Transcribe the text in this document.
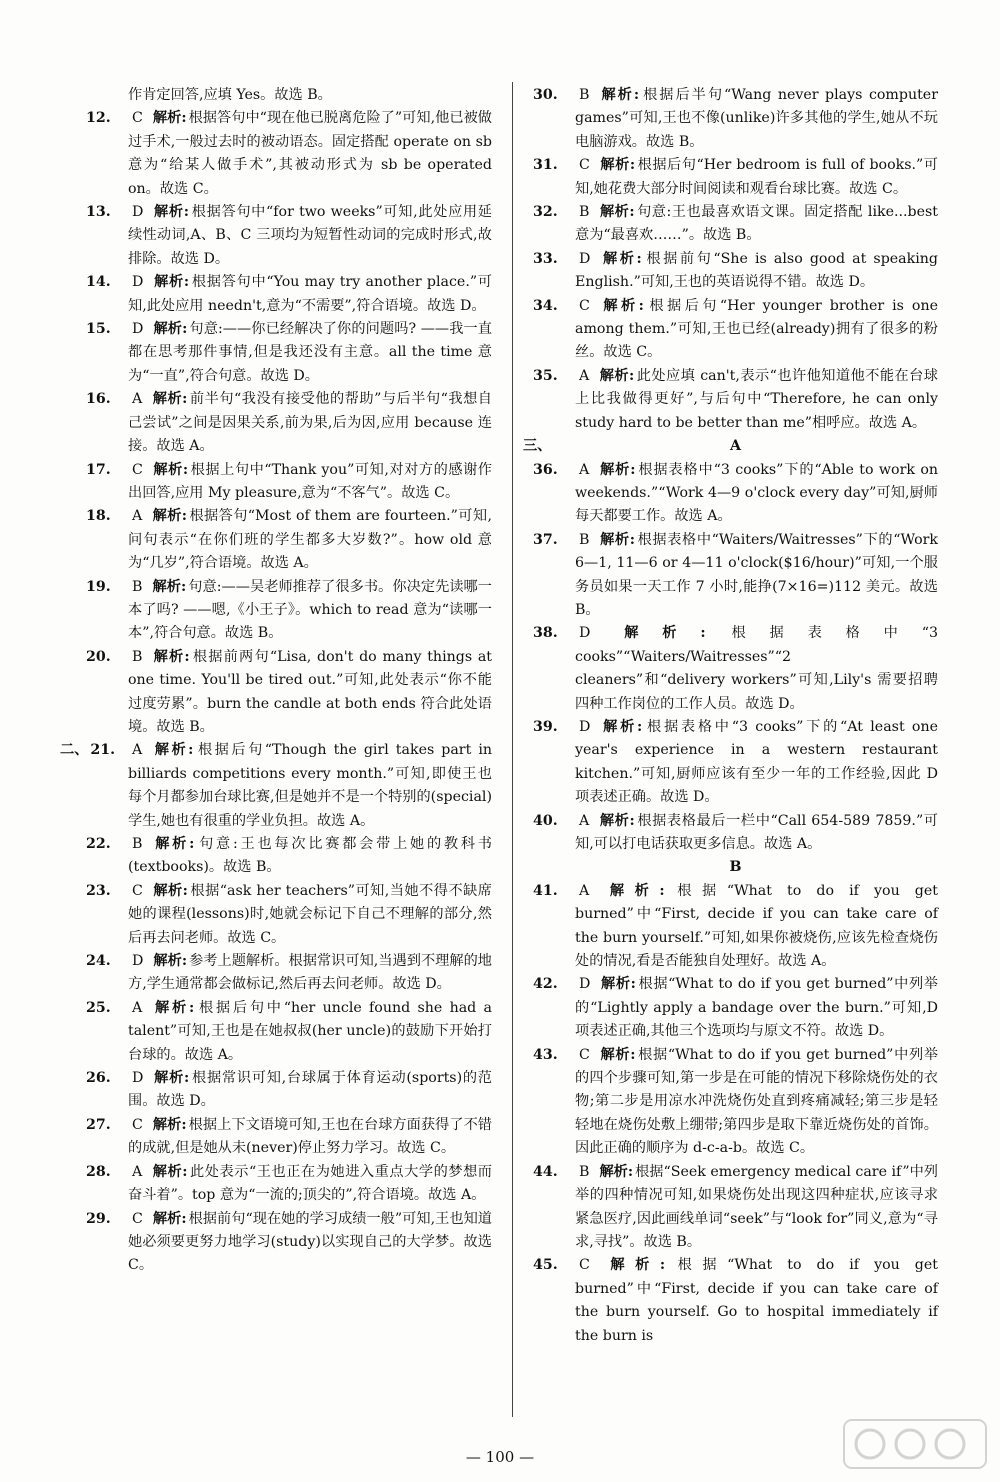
作肯定回答,应填 Yes。故选 B。
12. C 解析: 根据答句中“现在他已脱离危险了”可知,他已被做过手术,一般过去时的被动语态。固定搭配 operate on sb 意为“给某人做手术”,其被动形式为 sb be operated on。故选 C。
13. D 解析: 根据答句中“for two weeks”可知,此处应用延续性动词,A、B、C 三项均为短暂性动词的完成时形式,故排除。故选 D。
14. D 解析: 根据答句中“You may try another place.”可知,此处应用 needn't,意为“不需要”,符合语境。故选 D。
15. D 解析: 句意:——你已经解决了你的问题吗? ——我一直都在思考那件事情,但是我还没有主意。all the time 意为“一直”,符合句意。故选 D。
16. A 解析: 前半句“我没有接受他的帮助”与后半句“我想自己尝试”之间是因果关系,前为果,后为因,应用 because 连接。故选 A。
17. C 解析: 根据上句中“Thank you”可知,对对方的感谢作出回答,应用 My pleasure,意为“不客气”。故选 C。
18. A 解析: 根据答句“Most of them are fourteen.”可知,问句表示“在你们班的学生都多大岁数?”。how old 意为“几岁”,符合语境。故选 A。
19. B 解析: 句意:——吴老师推荐了很多书。你决定先读哪一本了吗? ——嗯,《小王子》。which to read 意为“读哪一本”,符合句意。故选 B。
20. B 解析: 根据前两句“Lisa, don't do many things at one time. You'll be tired out.”可知,此处表示“你不能过度劳累”。burn the candle at both ends 符合此处语境。故选 B。
二、 21. A 解析: 根据后句“Though the girl takes part in billiards competitions every month.”可知,即使王也每个月都参加台球比赛,但是她并不是一个特别的(special)学生,她也有很重的学业负担。故选 A。
22. B 解析: 句意:王也每次比赛都会带上她的教科书(textbooks)。故选 B。
23. C 解析: 根据“ask her teachers”可知,当她不得不缺席她的课程(lessons)时,她就会标记下自己不理解的部分,然后再去问老师。故选 C。
24. D 解析: 参考上题解析。根据常识可知,当遇到不理解的地方,学生通常都会做标记,然后再去问老师。故选 D。
25. A 解析: 根据后句中“her uncle found she had a talent”可知,王也是在她叔叔(her uncle)的鼓励下开始打台球的。故选 A。
26. D 解析: 根据常识可知,台球属于体育运动(sports)的范围。故选 D。
27. C 解析: 根据上下文语境可知,王也在台球方面获得了不错的成就,但是她从未(never)停止努力学习。故选 C。
28. A 解析: 此处表示“王也正在为她进入重点大学的梦想而奋斗着”。top 意为“一流的;顶尖的”,符合语境。故选 A。
29. C 解析: 根据前句“现在她的学习成绩一般”可知,王也知道她必须要更努力地学习(study)以实现自己的大学梦。故选 C。
30. B 解析: 根据后半句“Wang never plays computer games”可知,王也不像(unlike)许多其他的学生,她从不玩电脑游戏。故选 B。
31. C 解析: 根据后句“Her bedroom is full of books.”可知,她花费大部分时间阅读和观看台球比赛。故选 C。
32. B 解析: 句意:王也最喜欢语文课。固定搭配 like...best 意为“最喜欢……”。故选 B。
33. D 解析: 根据前句“She is also good at speaking English.”可知,王也的英语说得不错。故选 D。
34. C 解析: 根据后句“Her younger brother is one among them.”可知,王也已经(already)拥有了很多的粉丝。故选 C。
35. A 解析: 此处应填 can't,表示“也许他知道他不能在台球上比我做得更好”,与后句中“Therefore, he can only study hard to be better than me”相呼应。故选 A。
三、	A
36. A 解析: 根据表格中“3 cooks”下的“Able to work on weekends.”“Work 4—9 o'clock every day”可知,厨师每天都要工作。故选 A。
37. B 解析: 根据表格中“Waiters/Waitresses”下的“Work 6—1, 11—6 or 4—11 o'clock($16/hour)”可知,一个服务员如果一天工作 7 小时,能挣(7×16=)112 美元。故选 B。
38. D 解析: 根据表格中“3 cooks”“Waiters/Waitresses”“2 cleaners”和“delivery workers”可知,Lily's 需要招聘四种工作岗位的工作人员。故选 D。
39. D 解析: 根据表格中“3 cooks”下的“At least one year's experience in a western restaurant kitchen.”可知,厨师应该有至少一年的工作经验,因此 D 项表述正确。故选 D。
40. A 解析: 根据表格最后一栏中“Call 654-589 7859.”可知,可以打电话获取更多信息。故选 A。
B
41. A 解析: 根据“What to do if you get burned”中“First, decide if you can take care of the burn yourself.”可知,如果你被烧伤,应该先检查烧伤处的情况,看是否能独自处理好。故选 A。
42. D 解析: 根据“What to do if you get burned”中列举的“Lightly apply a bandage over the burn.”可知,D 项表述正确,其他三个选项均与原文不符。故选 D。
43. C 解析: 根据“What to do if you get burned”中列举的四个步骤可知,第一步是在可能的情况下移除烧伤处的衣物;第二步是用凉水冲洗烧伤处直到疼痛减轻;第三步是轻轻地在烧伤处敷上绷带;第四步是取下靠近烧伤处的首饰。因此正确的顺序为 d-c-a-b。故选 C。
44. B 解析: 根据“Seek emergency medical care if”中列举的四种情况可知,如果烧伤处出现这四种症状,应该寻求紧急医疗,因此画线单词“seek”与“look for”同义,意为“寻求,寻找”。故选 B。
45. C 解析: 根据“What to do if you get burned”中“First, decide if you can take care of the burn yourself. Go to hospital immediately if the burn is
— 100 —
